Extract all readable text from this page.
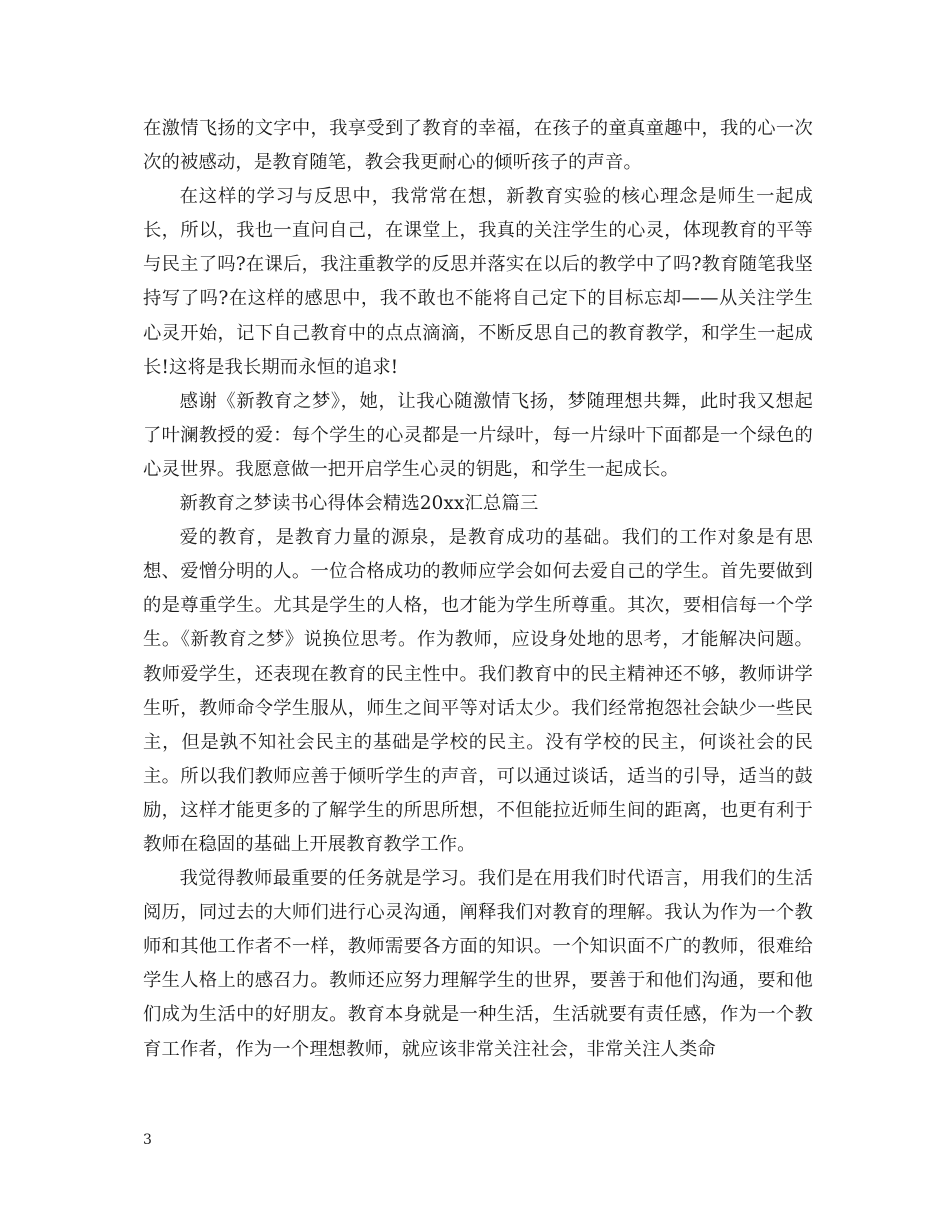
在激情飞扬的文字中，我享受到了教育的幸福，在孩子的童真童趣中，我的心一次次的被感动，是教育随笔，教会我更耐心的倾听孩子的声音。

在这样的学习与反思中，我常常在想，新教育实验的核心理念是师生一起成长，所以，我也一直问自己，在课堂上，我真的关注学生的心灵，体现教育的平等与民主了吗?在课后，我注重教学的反思并落实在以后的教学中了吗?教育随笔我坚持写了吗?在这样的感思中，我不敢也不能将自己定下的目标忘却——从关注学生心灵开始，记下自己教育中的点点滴滴，不断反思自己的教育教学，和学生一起成长!这将是我长期而永恒的追求!

感谢《新教育之梦》，她，让我心随激情飞扬，梦随理想共舞，此时我又想起了叶澜教授的爱：每个学生的心灵都是一片绿叶，每一片绿叶下面都是一个绿色的心灵世界。我愿意做一把开启学生心灵的钥匙，和学生一起成长。

新教育之梦读书心得体会精选20xx汇总篇三

爱的教育，是教育力量的源泉，是教育成功的基础。我们的工作对象是有思想、爱憎分明的人。一位合格成功的教师应学会如何去爱自己的学生。首先要做到的是尊重学生。尤其是学生的人格，也才能为学生所尊重。其次，要相信每一个学生。《新教育之梦》说换位思考。作为教师，应设身处地的思考，才能解决问题。教师爱学生，还表现在教育的民主性中。我们教育中的民主精神还不够，教师讲学生听，教师命令学生服从，师生之间平等对话太少。我们经常抱怨社会缺少一些民主，但是孰不知社会民主的基础是学校的民主。没有学校的民主，何谈社会的民主。所以我们教师应善于倾听学生的声音，可以通过谈话，适当的引导，适当的鼓励，这样才能更多的了解学生的所思所想，不但能拉近师生间的距离，也更有利于教师在稳固的基础上开展教育教学工作。

我觉得教师最重要的任务就是学习。我们是在用我们时代语言，用我们的生活阅历，同过去的大师们进行心灵沟通，阐释我们对教育的理解。我认为作为一个教师和其他工作者不一样，教师需要各方面的知识。一个知识面不广的教师，很难给学生人格上的感召力。教师还应努力理解学生的世界，要善于和他们沟通，要和他们成为生活中的好朋友。教育本身就是一种生活，生活就要有责任感，作为一个教育工作者，作为一个理想教师，就应该非常关注社会，非常关注人类命

3
